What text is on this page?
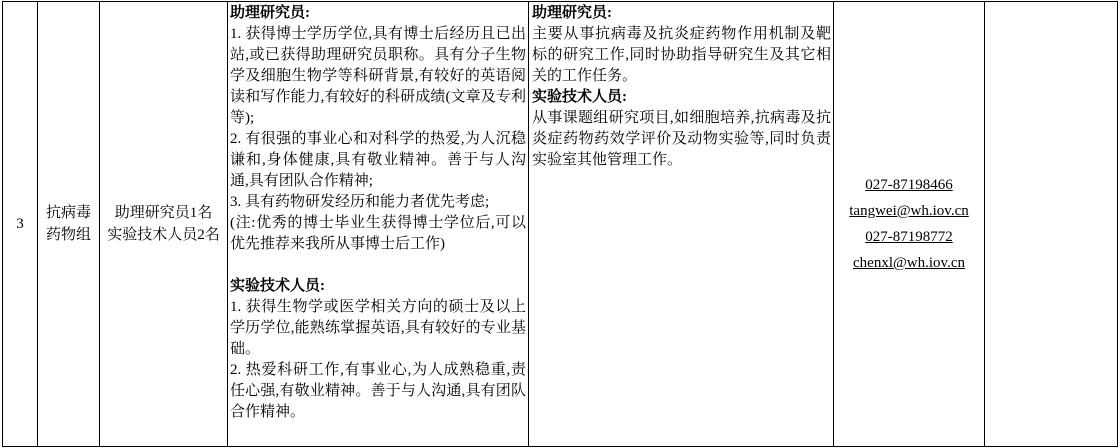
3
抗病毒
药物组
助理研究员1名
实验技术人员2名
助理研究员:
1. 获得博士学历学位,具有博士后经历且已出站,或已获得助理研究员职称。具有分子生物学及细胞生物学等科研背景,有较好的英语阅读和写作能力,有较好的科研成绩(文章及专利等);
2. 有很强的事业心和对科学的热爱,为人沉稳谦和,身体健康,具有敬业精神。善于与人沟通,具有团队合作精神;
3. 具有药物研发经历和能力者优先考虑;
(注:优秀的博士毕业生获得博士学位后,可以优先推荐来我所从事博士后工作)
实验技术人员:
1. 获得生物学或医学相关方向的硕士及以上学历学位,能熟练掌握英语,具有较好的专业基础。
2. 热爱科研工作,有事业心,为人成熟稳重,责任心强,有敬业精神。善于与人沟通,具有团队合作精神。
助理研究员:
主要从事抗病毒及抗炎症药物作用机制及靶标的研究工作,同时协助指导研究生及其它相关的工作任务。
实验技术人员:
从事课题组研究项目,如细胞培养,抗病毒及抗炎症药物药效学评价及动物实验等,同时负责实验室其他管理工作。
027-87198466
tangwei@wh.iov.cn
027-87198772
chenxl@wh.iov.cn
